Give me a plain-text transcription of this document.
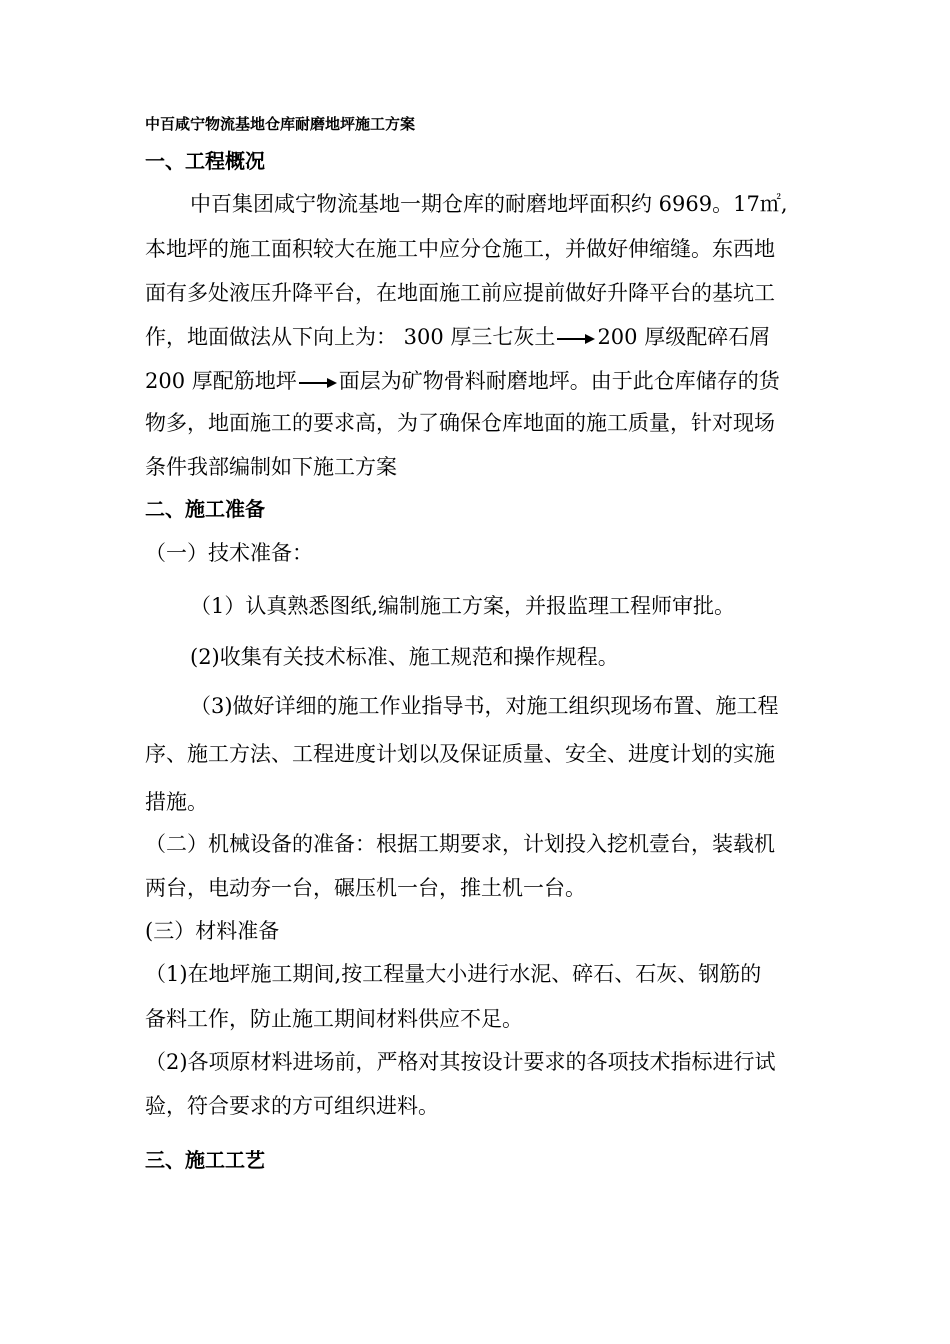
中百咸宁物流基地仓库耐磨地坪施工方案
一、工程概况
中百集团咸宁物流基地一期仓库的耐磨地坪面积约 6969。17㎡,
本地坪的施工面积较大在施工中应分仓施工，并做好伸缩缝。东西地
面有多处液压升降平台，在地面施工前应提前做好升降平台的基坑工
作，地面做法从下向上为： 300 厚三七灰土 200 厚级配碎石屑
200 厚配筋地坪 面层为矿物骨料耐磨地坪。由于此仓库储存的货
物多，地面施工的要求高，为了确保仓库地面的施工质量，针对现场
条件我部编制如下施工方案
二、施工准备
（一）技术准备：
（1）认真熟悉图纸,编制施工方案，并报监理工程师审批。
(2)收集有关技术标准、施工规范和操作规程。
（3)做好详细的施工作业指导书，对施工组织现场布置、施工程
序、施工方法、工程进度计划以及保证质量、安全、进度计划的实施
措施。
（二）机械设备的准备：根据工期要求，计划投入挖机壹台，装载机
两台，电动夯一台，碾压机一台，推土机一台。
(三）材料准备
（1)在地坪施工期间,按工程量大小进行水泥、碎石、石灰、钢筋的
备料工作，防止施工期间材料供应不足。
（2)各项原材料进场前，严格对其按设计要求的各项技术指标进行试
验，符合要求的方可组织进料。
三、施工工艺
